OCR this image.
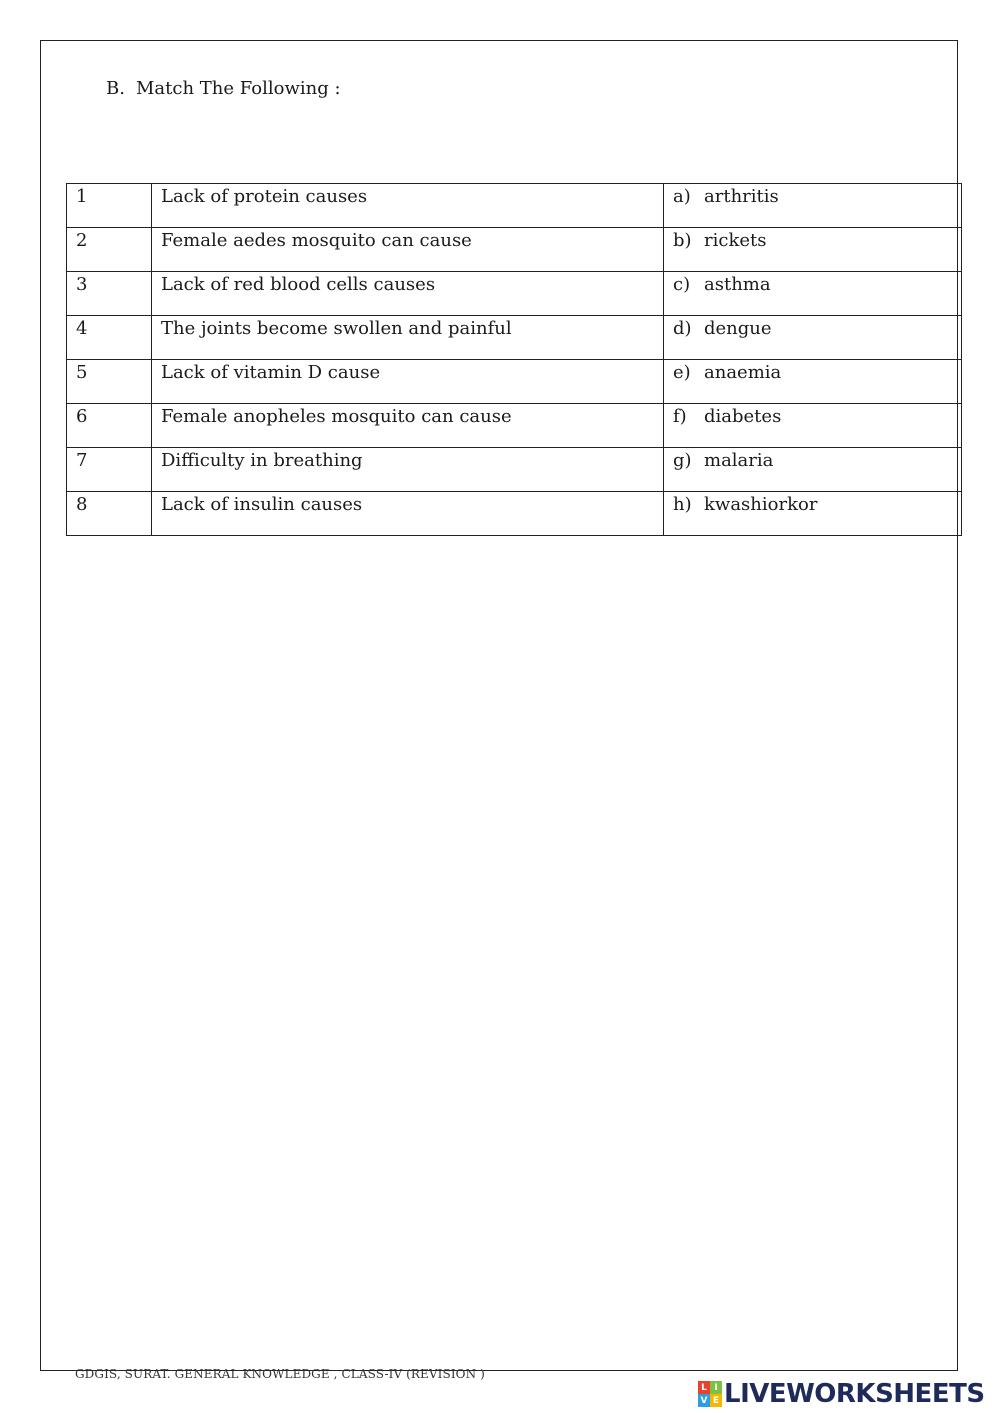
B. Match The Following :
1	Lack of protein causes	a) arthritis
2	Female aedes mosquito can cause	b) rickets
3	Lack of red blood cells causes	c) asthma
4	The joints become swollen and painful	d) dengue
5	Lack of vitamin D cause	e) anaemia
6	Female anopheles mosquito can cause	f) diabetes
7	Difficulty in breathing	g) malaria
8	Lack of insulin causes	h) kwashiorkor
GDGIS, SURAT. GENERAL KNOWLEDGE , CLASS-IV (REVISION )
L I
V E LIVEWORKSHEETS
